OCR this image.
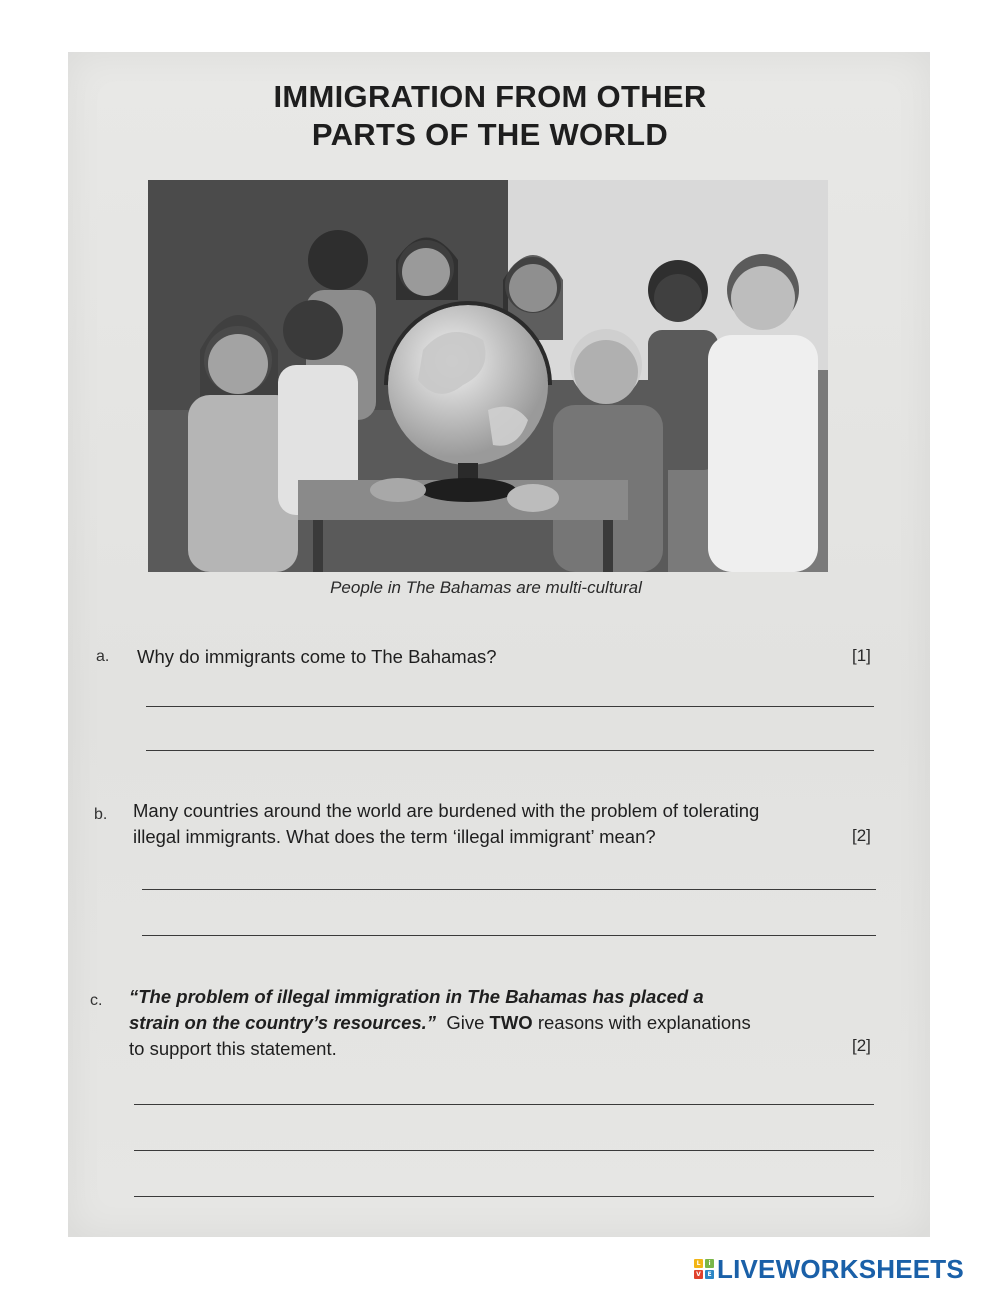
IMMIGRATION FROM OTHER
PARTS OF THE WORLD
People in The Bahamas are multi-cultural
a. Why do immigrants come to The Bahamas?	[1]
b. Many countries around the world are burdened with the problem of tolerating
illegal immigrants. What does the term ‘illegal immigrant’ mean?	[2]
c. “The problem of illegal immigration in The Bahamas has placed a
strain on the country’s resources.”  Give TWO reasons with explanations
to support this statement.	[2]
L	i
V	E LIVEWORKSHEETS
